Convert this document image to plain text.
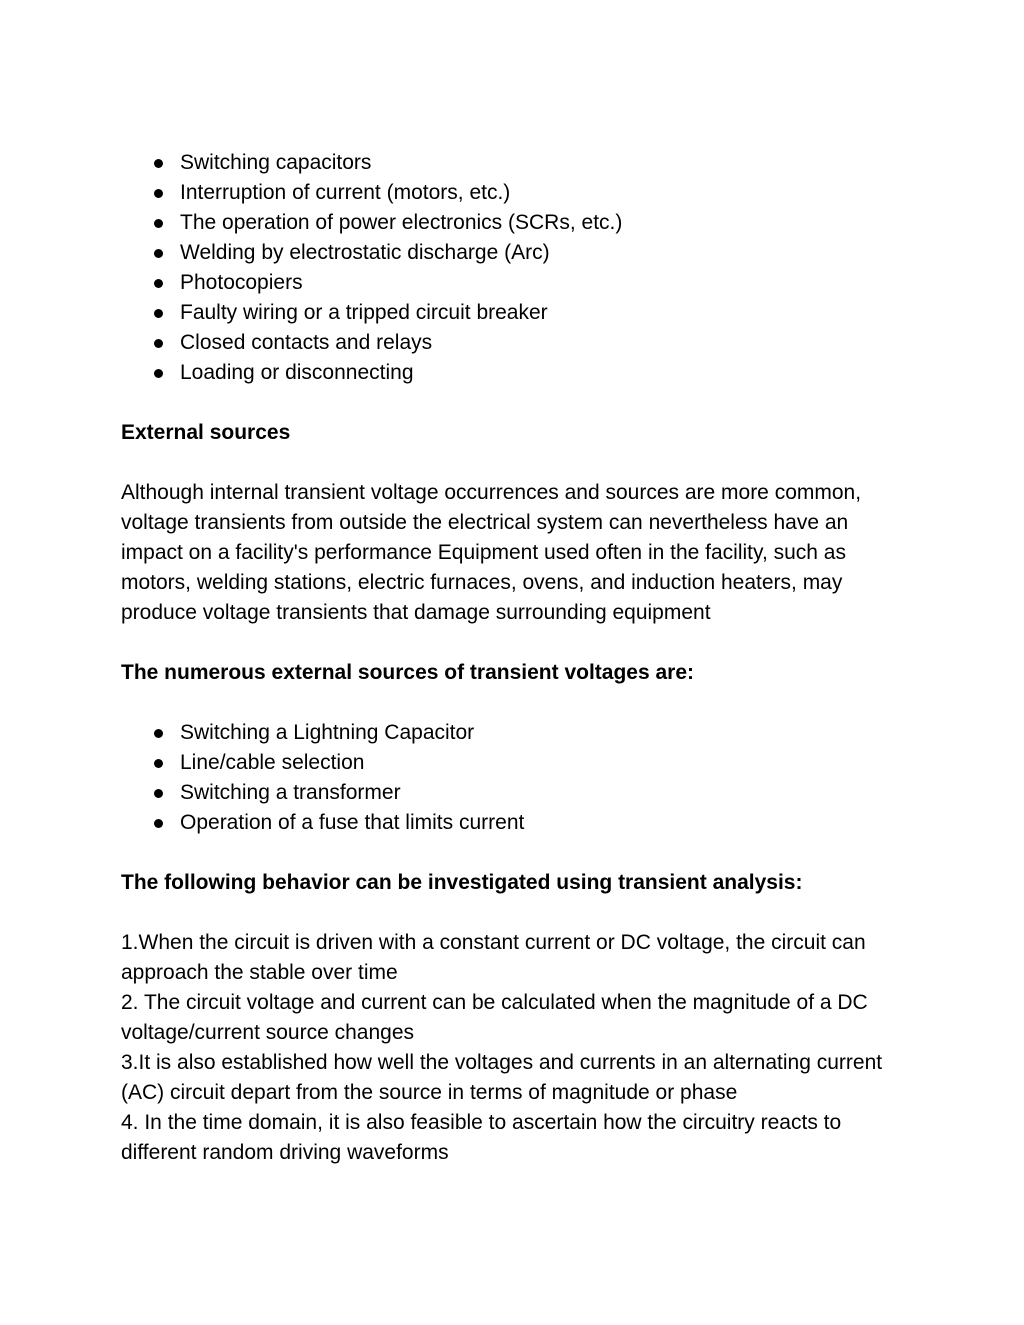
Switching capacitors
Interruption of current (motors, etc.)
The operation of power electronics (SCRs, etc.)
Welding by electrostatic discharge (Arc)
Photocopiers
Faulty wiring or a tripped circuit breaker
Closed contacts and relays
Loading or disconnecting

External sources

Although internal transient voltage occurrences and sources are more common, voltage transients from outside the electrical system can nevertheless have an impact on a facility's performance Equipment used often in the facility, such as motors, welding stations, electric furnaces, ovens, and induction heaters, may produce voltage transients that damage surrounding equipment

The numerous external sources of transient voltages are:

Switching a Lightning Capacitor
Line/cable selection
Switching a transformer
Operation of a fuse that limits current

The following behavior can be investigated using transient analysis:

1.When the circuit is driven with a constant current or DC voltage, the circuit can approach the stable over time

2. The circuit voltage and current can be calculated when the magnitude of a DC voltage/current source changes

3.It is also established how well the voltages and currents in an alternating current (AC) circuit depart from the source in terms of magnitude or phase

4. In the time domain, it is also feasible to ascertain how the circuitry reacts to different random driving waveforms
